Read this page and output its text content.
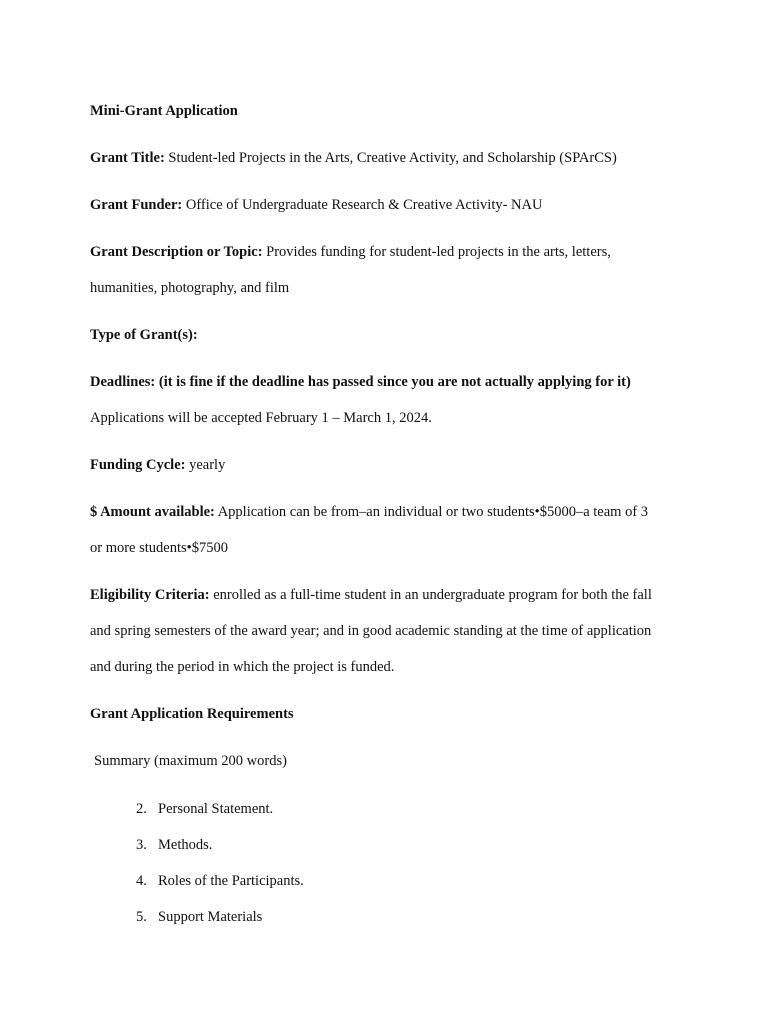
Mini-Grant Application

Grant Title: Student-led Projects in the Arts, Creative Activity, and Scholarship (SPArCS)

Grant Funder: Office of Undergraduate Research & Creative Activity- NAU

Grant Description or Topic: Provides funding for student-led projects in the arts, letters,
humanities, photography, and film

Type of Grant(s):

Deadlines: (it is fine if the deadline has passed since you are not actually applying for it)
Applications will be accepted February 1 – March 1, 2024.

Funding Cycle: yearly

$ Amount available: Application can be from–an individual or two students•$5000–a team of 3
or more students•$7500

Eligibility Criteria: enrolled as a full-time student in an undergraduate program for both the fall
and spring semesters of the award year; and in good academic standing at the time of application
and during the period in which the project is funded.

Grant Application Requirements

Summary (maximum 200 words)

2. Personal Statement.
3. Methods.
4. Roles of the Participants.
5. Support Materials
